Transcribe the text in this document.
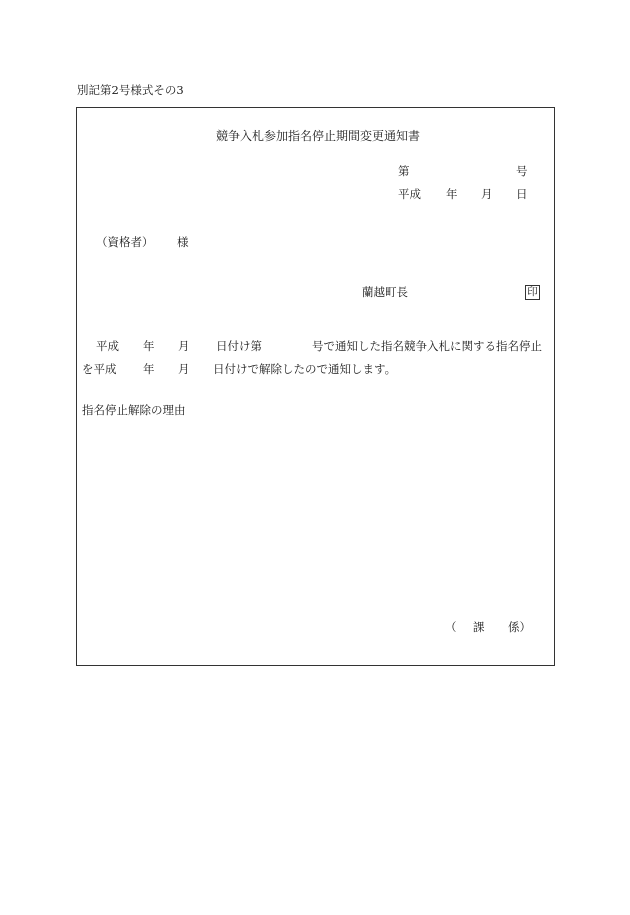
別記第2号様式その3
競争入札参加指名停止期間変更通知書
第	号
平成 年 月 日
（資格者） 様
蘭越町長	印
平成 年 月 日付け第	号で通知した指名競争入札に関する指名停止
を平成 年 月 日付けで解除したので通知します。
指名停止解除の理由
（ 課 係）
